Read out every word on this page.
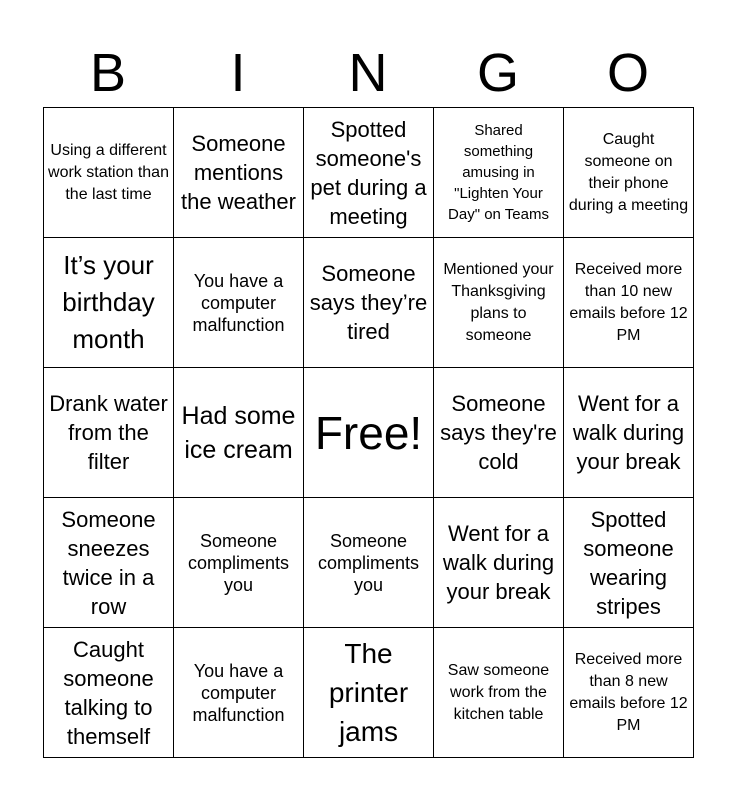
B	I	N	G	O
Using a different work station than the last time	Someone mentions the weather	Spotted someone's pet during a meeting	Shared something amusing in "Lighten Your Day" on Teams	Caught someone on their phone during a meeting
It’s your birthday month	You have a computer malfunction	Someone says they’re tired	Mentioned your Thanksgiving plans to someone	Received more than 10 new emails before 12 PM
Drank water from the filter	Had some ice cream	Free!	Someone says they're cold	Went for a walk during your break
Someone sneezes twice in a row	Someone compliments you	Someone compliments you	Went for a walk during your break	Spotted someone wearing stripes
Caught someone talking to themself	You have a computer malfunction	The printer jams	Saw someone work from the kitchen table	Received more than 8 new emails before 12 PM
